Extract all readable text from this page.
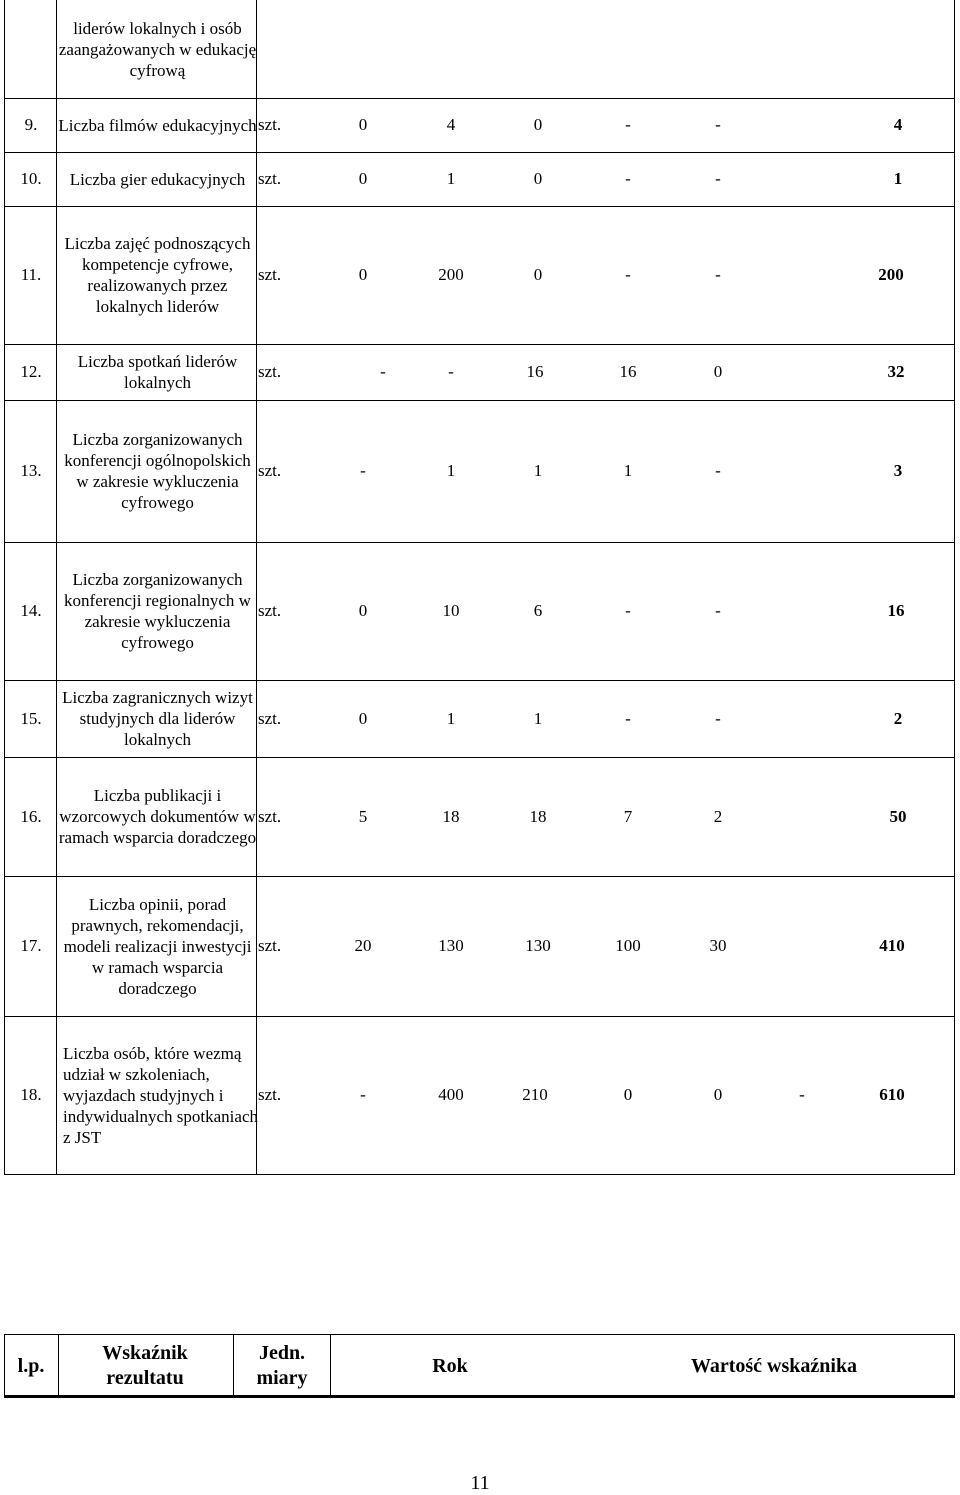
liderów lokalnych i osób zaangażowanych w edukację cyfrową
9.	Liczba filmów edukacyjnych szt.	0	4	0	-	-	4
10.	Liczba gier edukacyjnych szt.	0	1	0	-	-	1
11.
Liczba zajęć podnoszących kompetencje cyfrowe, realizowanych przez lokalnych liderów
szt.	0	200	0	-	-	200
12.
Liczba spotkań liderów lokalnych
szt.	-	-	16	16	0	32
13.
Liczba zorganizowanych konferencji ogólnopolskich w zakresie wykluczenia cyfrowego
szt.	-	1	1	1	-	3
14.
Liczba zorganizowanych konferencji regionalnych w zakresie wykluczenia cyfrowego
szt.	0	10	6	-	-	16
15.
Liczba zagranicznych wizyt studyjnych dla liderów lokalnych
szt.	0	1	1	-	-	2
16.
Liczba publikacji i wzorcowych dokumentów w ramach wsparcia doradczego
szt.	5	18	18	7	2	50
17.
Liczba opinii, porad prawnych, rekomendacji, modeli realizacji inwestycji w ramach wsparcia doradczego
szt.	20	130	130	100	30	410
18.
Liczba osób, które wezmą udział w szkoleniach, wyjazdach studyjnych i indywidualnych spotkaniach z JST
szt.	-	400	210	0	0	-	610
l.p.
Wskaźnik rezultatu
Jedn. miary
Rok	Wartość wskaźnika
11
